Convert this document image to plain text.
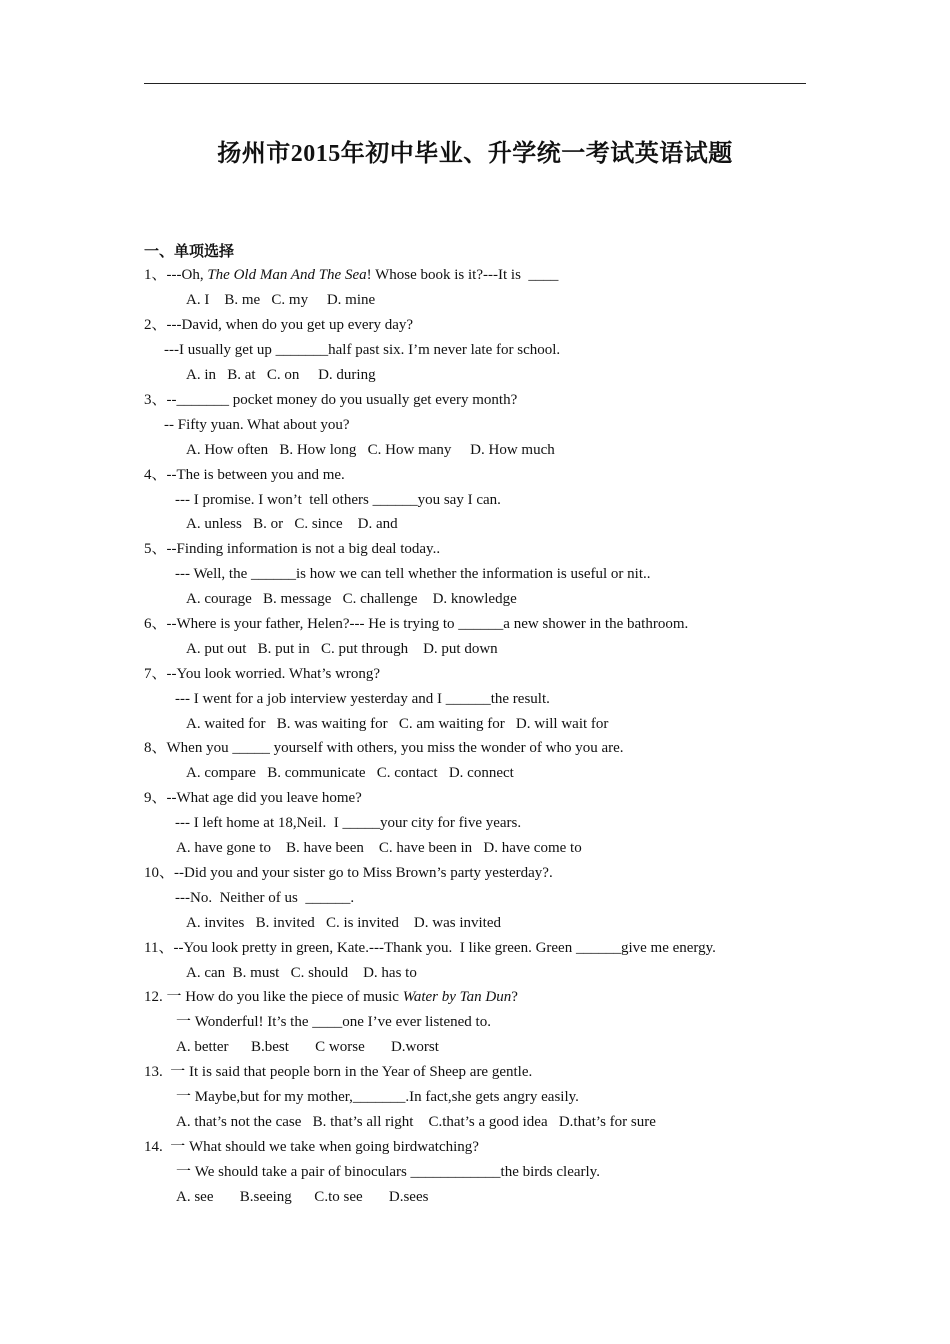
扬州市2015年初中毕业、升学统一考试英语试题
一、单项选择
1、---Oh, The Old Man And The Sea! Whose book is it?---It is  ____
A. I    B. me   C. my     D. mine
2、---David, when do you get up every day?
---I usually get up _______half past six. I’m never late for school.
A. in   B. at   C. on     D. during
3、--_______ pocket money do you usually get every month?
-- Fifty yuan. What about you?
A. How often   B. How long   C. How many     D. How much
4、--The is between you and me.
--- I promise. I won’t  tell others ______you say I can.
A. unless   B. or   C. since    D. and
5、--Finding information is not a big deal today..
--- Well, the ______is how we can tell whether the information is useful or nit..
A. courage   B. message   C. challenge    D. knowledge
6、--Where is your father, Helen?--- He is trying to ______a new shower in the bathroom.
A. put out   B. put in   C. put through    D. put down
7、--You look worried. What’s wrong?
--- I went for a job interview yesterday and I ______the result.
A. waited for   B. was waiting for   C. am waiting for   D. will wait for
8、When you _____ yourself with others, you miss the wonder of who you are.
A. compare   B. communicate   C. contact   D. connect
9、--What age did you leave home?
--- I left home at 18,Neil.  I _____your city for five years.
A. have gone to    B. have been    C. have been in   D. have come to
10、--Did you and your sister go to Miss Brown’s party yesterday?.
---No.  Neither of us  ______.
A. invites   B. invited   C. is invited    D. was invited
11、--You look pretty in green, Kate.---Thank you.  I like green. Green ______give me energy.
A. can  B. must   C. should    D. has to
12. 一 How do you like the piece of music Water by Tan Dun?
一 Wonderful! It’s the ____one I’ve ever listened to.
A. better      B.best       C worse       D.worst
13.  一 It is said that people born in the Year of Sheep are gentle.
一 Maybe,but for my mother,_______.In fact,she gets angry easily.
A. that’s not the case   B. that’s all right    C.that’s a good idea   D.that’s for sure
14.  一 What should we take when going birdwatching?
一 We should take a pair of binoculars ____________the birds clearly.
A. see       B.seeing      C.to see       D.sees
